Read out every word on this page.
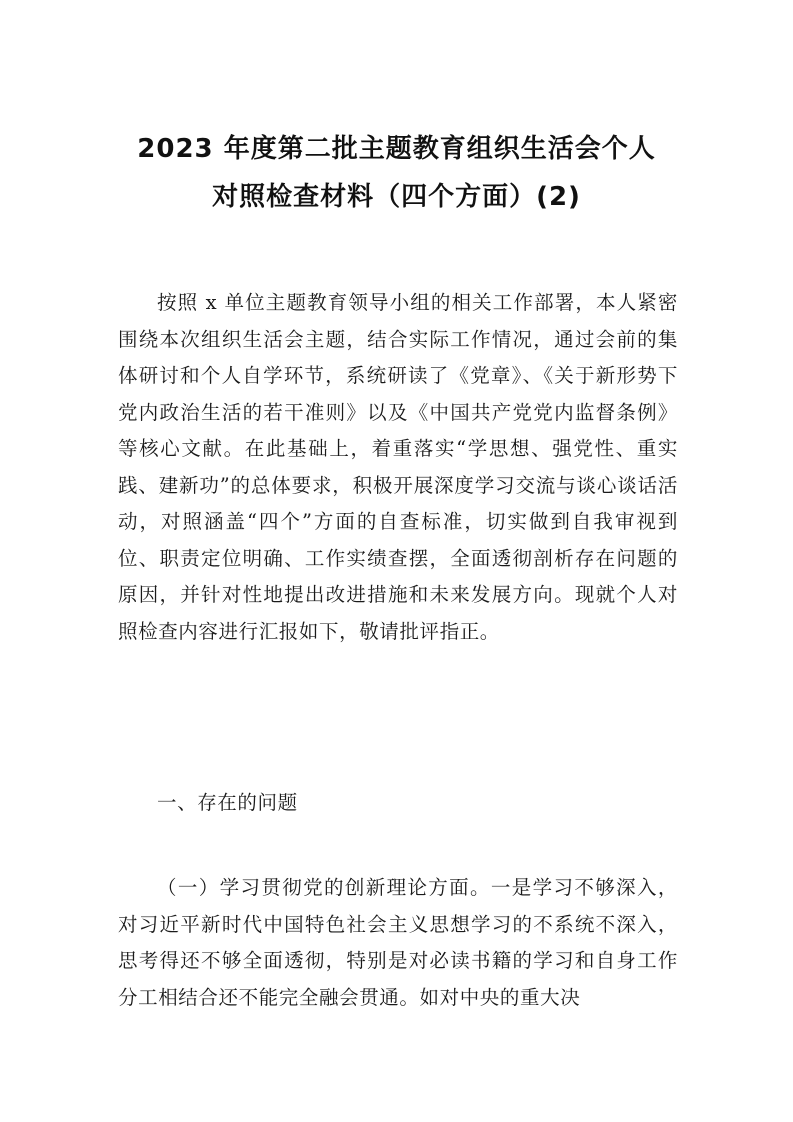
2023 年度第二批主题教育组织生活会个人
对照检查材料（四个方面）(2)

按照 x 单位主题教育领导小组的相关工作部署，本人紧密围绕本次组织生活会主题，结合实际工作情况，通过会前的集体研讨和个人自学环节，系统研读了《党章》、《关于新形势下党内政治生活的若干准则》以及《中国共产党党内监督条例》等核心文献。在此基础上，着重落实“学思想、强党性、重实践、建新功”的总体要求，积极开展深度学习交流与谈心谈话活动，对照涵盖“四个”方面的自查标准，切实做到自我审视到位、职责定位明确、工作实绩查摆，全面透彻剖析存在问题的原因，并针对性地提出改进措施和未来发展方向。现就个人对照检查内容进行汇报如下，敬请批评指正。

一、存在的问题

（一）学习贯彻党的创新理论方面。一是学习不够深入，对习近平新时代中国特色社会主义思想学习的不系统不深入，思考得还不够全面透彻，特别是对必读书籍的学习和自身工作分工相结合还不能完全融会贯通。如对中央的重大决
